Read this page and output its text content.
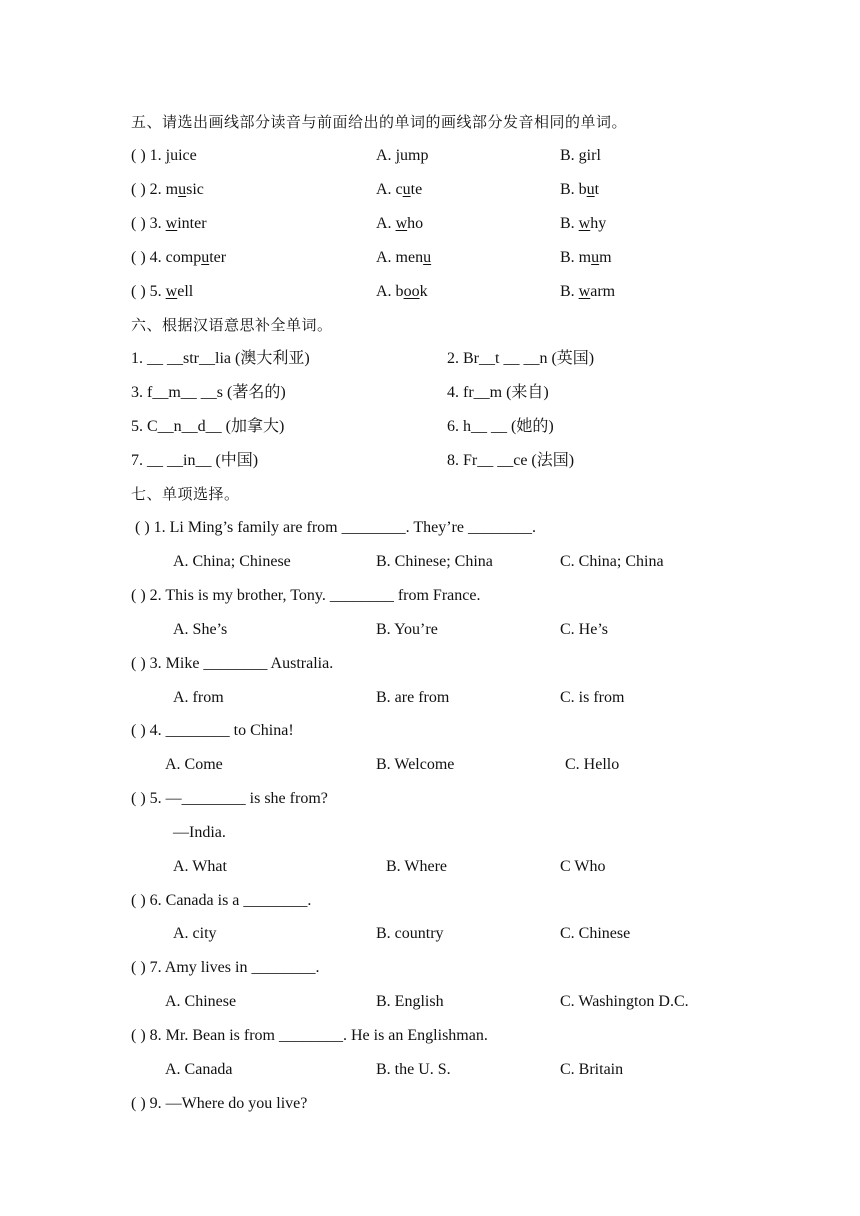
五、请选出画线部分读音与前面给出的单词的画线部分发音相同的单词。
( ) 1. juice	A. jump	B. girl
( ) 2. music	A. cute	B. but
( ) 3. winter	A. who	B. why
( ) 4. computer	A. menu	B. mum
( ) 5. well	A. book	B. warm
六、根据汉语意思补全单词。
1. __ __str__lia (澳大利亚)	2. Br__t __ __n (英国)
3. f__m__ __s (著名的)	4. fr__m (来自)
5. C__n__d__ (加拿大)	6. h__ __ (她的)
7. __ __in__ (中国)	8. Fr__ __ce (法国)
七、单项选择。
( ) 1. Li Ming’s family are from ________. They’re ________.
A. China; Chinese	B. Chinese; China	C. China; China
( ) 2. This is my brother, Tony. ________ from France.
A. She’s	B. You’re	C. He’s
( ) 3. Mike ________ Australia.
A. from	B. are from	C. is from
( ) 4. ________ to China!
A. Come	B. Welcome	C. Hello
( ) 5. —________ is she from?
—India.
A. What	B. Where	C Who
( ) 6. Canada is a ________.
A. city	B. country	C. Chinese
( ) 7. Amy lives in ________.
A. Chinese	B. English	C. Washington D.C.
( ) 8. Mr. Bean is from ________. He is an Englishman.
A. Canada	B. the U. S.	C. Britain
( ) 9. —Where do you live?
